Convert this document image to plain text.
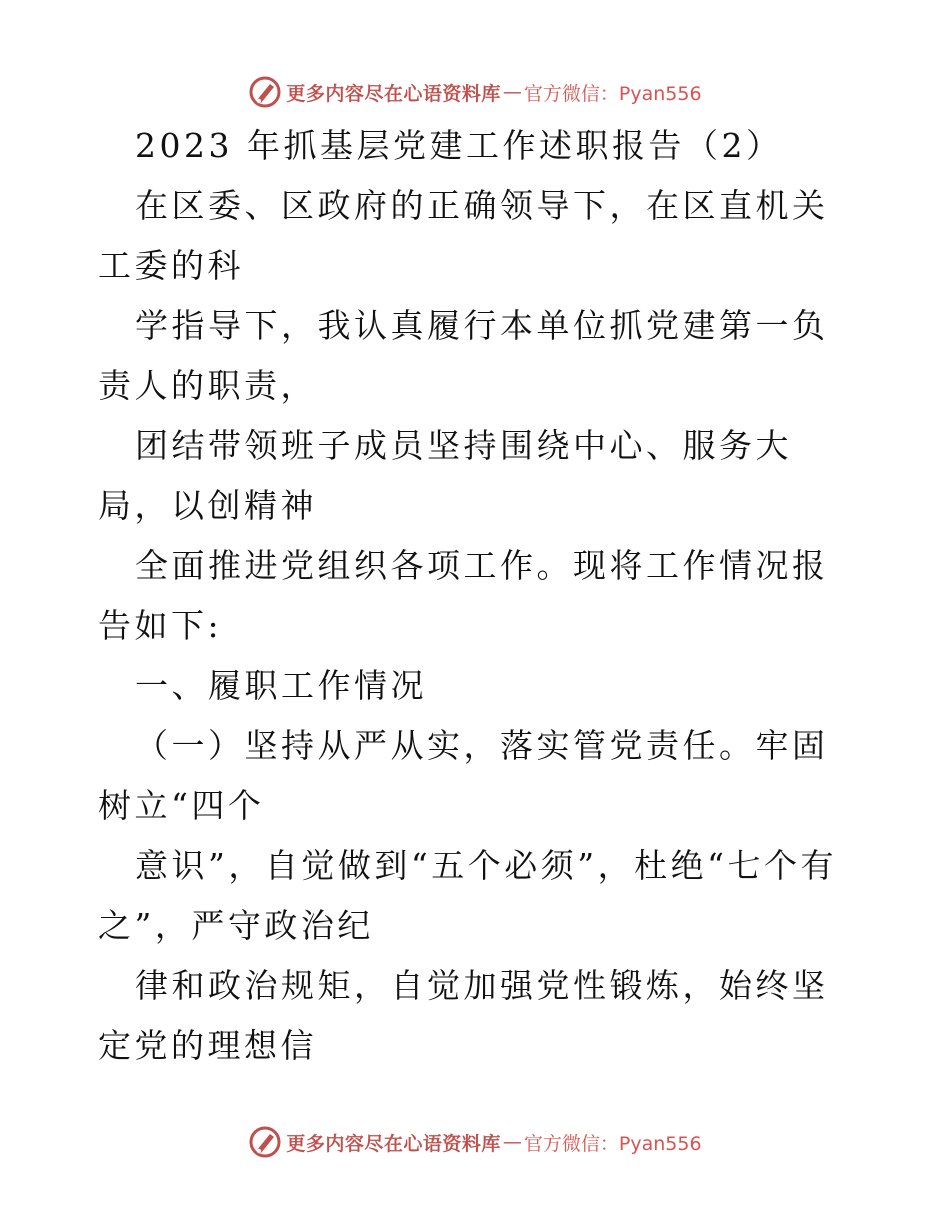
更多内容尽在心语资料库 — 官方微信：Pyan556

2023 年抓基层党建工作述职报告（2）

在区委、区政府的正确领导下，在区直机关工委的科

学指导下，我认真履行本单位抓党建第一负责人的职责，

团结带领班子成员坚持围绕中心、服务大局，以创精神

全面推进党组织各项工作。现将工作情况报告如下:

一、履职工作情况

（一）坚持从严从实，落实管党责任。牢固树立“四个

意识”，自觉做到“五个必须”，杜绝“七个有之”，严守政治纪

律和政治规矩，自觉加强党性锻炼，始终坚定党的理想信

更多内容尽在心语资料库 — 官方微信：Pyan556
